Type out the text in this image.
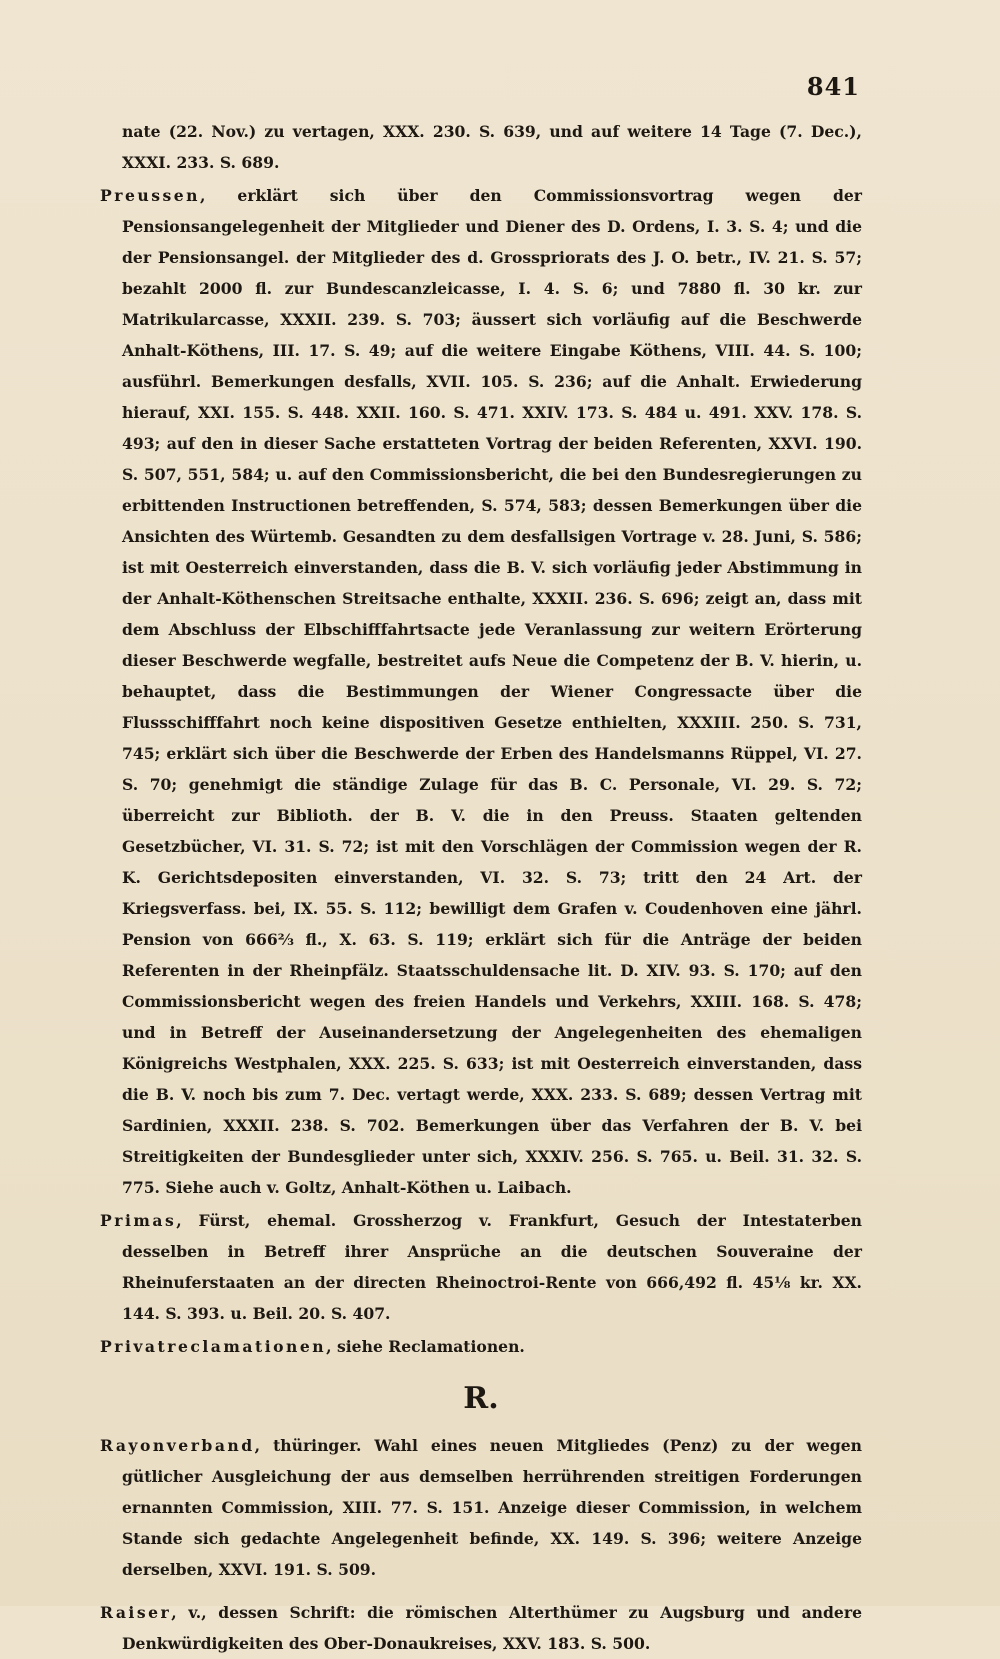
841

nate (22. Nov.) zu vertagen, XXX. 230. S. 639, und auf weitere 14 Tage (7. Dec.), XXXI. 233. S. 689.

Preussen, erklärt sich über den Commissionsvortrag wegen der Pensionsangelegenheit der Mitglieder und Diener des D. Ordens, I. 3. S. 4; und die der Pensionsangel. der Mitglieder des d. Grosspriorats des J. O. betr., IV. 21. S. 57; bezahlt 2000 fl. zur Bundescanzleicasse, I. 4. S. 6; und 7880 fl. 30 kr. zur Matrikularcasse, XXXII. 239. S. 703; äussert sich vorläufig auf die Beschwerde Anhalt-Köthens, III. 17. S. 49; auf die weitere Eingabe Köthens, VIII. 44. S. 100; ausführl. Bemerkungen desfalls, XVII. 105. S. 236; auf die Anhalt. Erwiederung hierauf, XXI. 155. S. 448. XXII. 160. S. 471. XXIV. 173. S. 484 u. 491. XXV. 178. S. 493; auf den in dieser Sache erstatteten Vortrag der beiden Referenten, XXVI. 190. S. 507, 551, 584; u. auf den Commissionsbericht, die bei den Bundesregierungen zu erbittenden Instructionen betreffenden, S. 574, 583; dessen Bemerkungen über die Ansichten des Würtemb. Gesandten zu dem desfallsigen Vortrage v. 28. Juni, S. 586; ist mit Oesterreich einverstanden, dass die B. V. sich vorläufig jeder Abstimmung in der Anhalt-Köthenschen Streitsache enthalte, XXXII. 236. S. 696; zeigt an, dass mit dem Abschluss der Elbschifffahrtsacte jede Veranlassung zur weitern Erörterung dieser Beschwerde wegfalle, bestreitet aufs Neue die Competenz der B. V. hierin, u. behauptet, dass die Bestimmungen der Wiener Congressacte über die Flussschifffahrt noch keine dispositiven Gesetze enthielten, XXXIII. 250. S. 731, 745; erklärt sich über die Beschwerde der Erben des Handelsmanns Rüppel, VI. 27. S. 70; genehmigt die ständige Zulage für das B. C. Personale, VI. 29. S. 72; überreicht zur Biblioth. der B. V. die in den Preuss. Staaten geltenden Gesetzbücher, VI. 31. S. 72; ist mit den Vorschlägen der Commission wegen der R. K. Gerichtsdepositen einverstanden, VI. 32. S. 73; tritt den 24 Art. der Kriegsverfass. bei, IX. 55. S. 112; bewilligt dem Grafen v. Coudenhoven eine jährl. Pension von 666⅔ fl., X. 63. S. 119; erklärt sich für die Anträge der beiden Referenten in der Rheinpfälz. Staatsschuldensache lit. D. XIV. 93. S. 170; auf den Commissionsbericht wegen des freien Handels und Verkehrs, XXIII. 168. S. 478; und in Betreff der Auseinandersetzung der Angelegenheiten des ehemaligen Königreichs Westphalen, XXX. 225. S. 633; ist mit Oesterreich einverstanden, dass die B. V. noch bis zum 7. Dec. vertagt werde, XXX. 233. S. 689; dessen Vertrag mit Sardinien, XXXII. 238. S. 702. Bemerkungen über das Verfahren der B. V. bei Streitigkeiten der Bundesglieder unter sich, XXXIV. 256. S. 765. u. Beil. 31. 32. S. 775. Siehe auch v. Goltz, Anhalt-Köthen u. Laibach.

Primas, Fürst, ehemal. Grossherzog v. Frankfurt, Gesuch der Intestaterben desselben in Betreff ihrer Ansprüche an die deutschen Souveraine der Rheinuferstaaten an der directen Rheinoctroi-Rente von 666,492 fl. 45⅛ kr. XX. 144. S. 393. u. Beil. 20. S. 407.

Privatreclamationen, siehe Reclamationen.

R.

Rayonverband, thüringer. Wahl eines neuen Mitgliedes (Penz) zu der wegen gütlicher Ausgleichung der aus demselben herrührenden streitigen Forderungen ernannten Commission, XIII. 77. S. 151. Anzeige dieser Commission, in welchem Stande sich gedachte Angelegenheit befinde, XX. 149. S. 396; weitere Anzeige derselben, XXVI. 191. S. 509.

Raiser, v., dessen Schrift: die römischen Alterthümer zu Augsburg und andere Denkwürdigkeiten des Ober-Donaukreises, XXV. 183. S. 500.
